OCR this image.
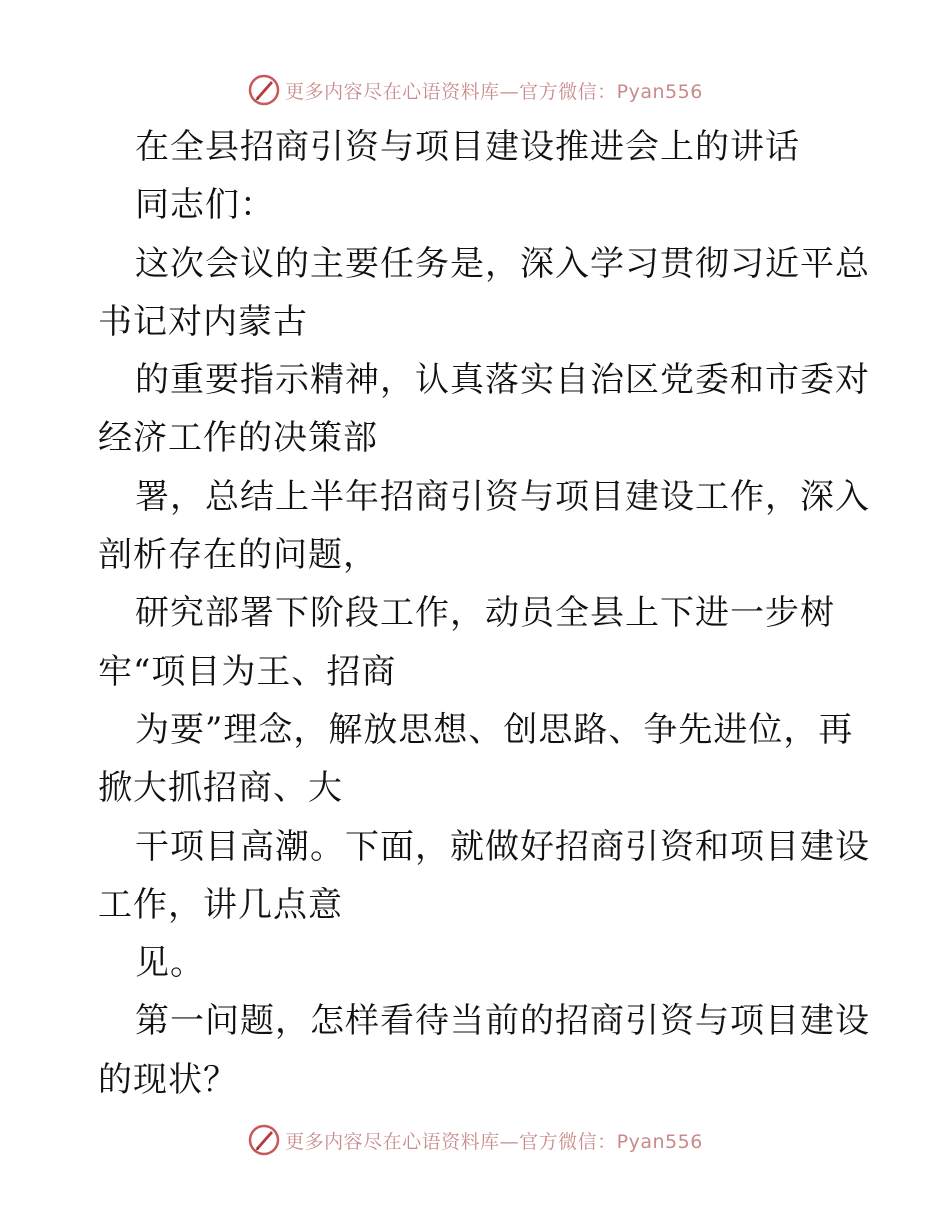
更多内容尽在心语资料库—官方微信：Pyan556
在全县招商引资与项目建设推进会上的讲话
同志们：
这次会议的主要任务是，深入学习贯彻习近平总
书记对内蒙古
的重要指示精神，认真落实自治区党委和市委对
经济工作的决策部
署，总结上半年招商引资与项目建设工作，深入
剖析存在的问题，
研究部署下阶段工作，动员全县上下进一步树
牢“项目为王、招商
为要”理念，解放思想、创思路、争先进位，再
掀大抓招商、大
干项目高潮。下面，就做好招商引资和项目建设
工作，讲几点意
见。
第一问题，怎样看待当前的招商引资与项目建设
的现状？
更多内容尽在心语资料库—官方微信：Pyan556
